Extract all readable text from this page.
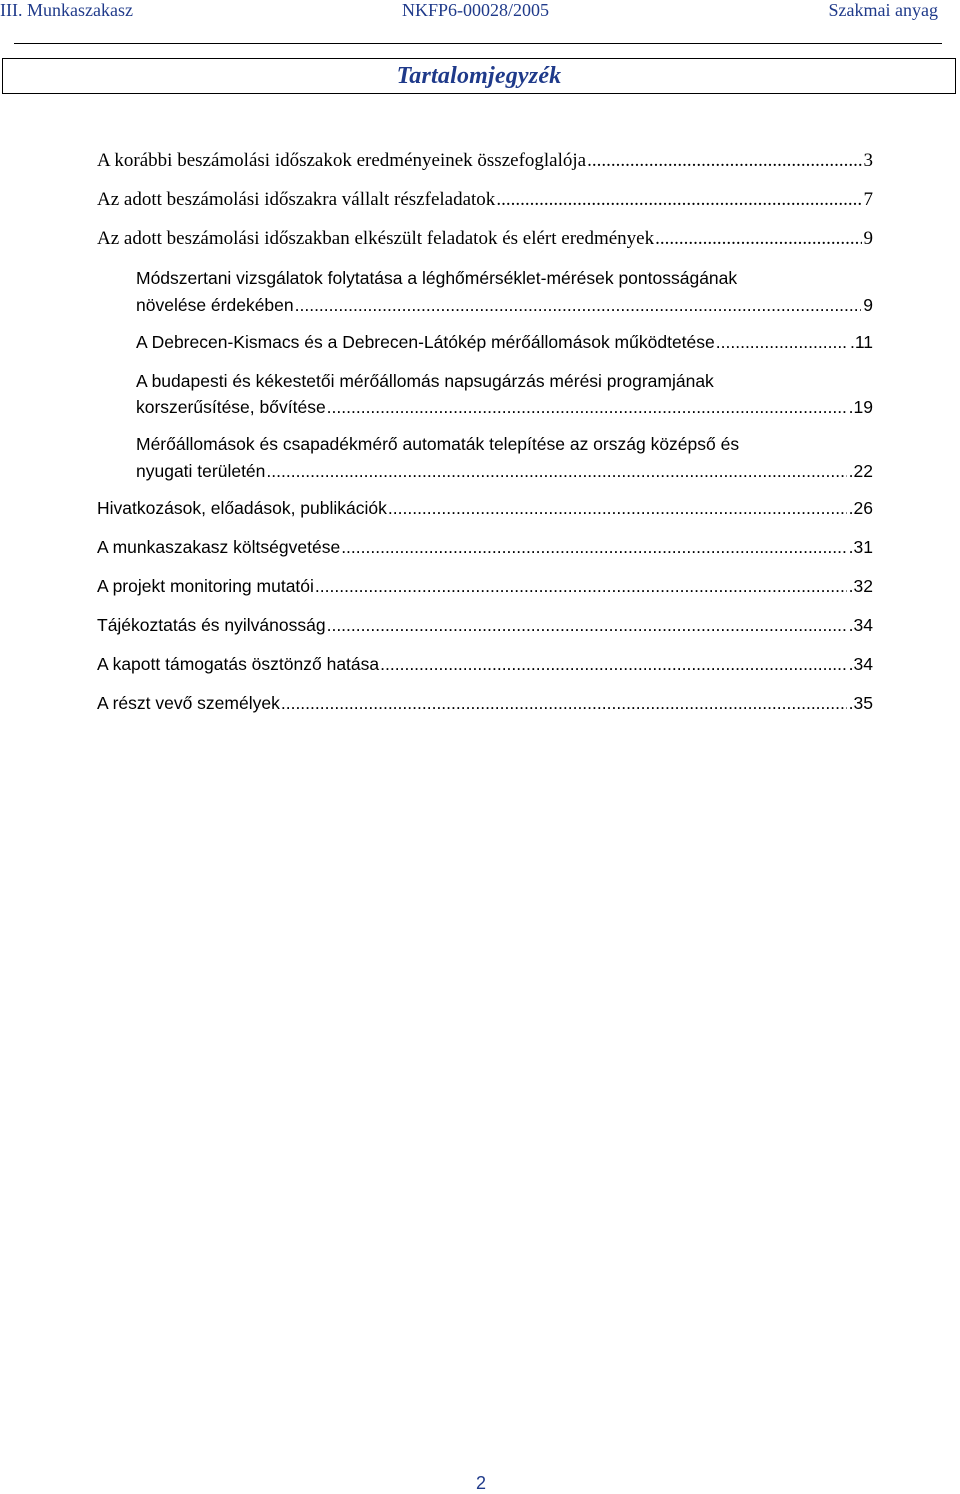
III. Munkaszakasz	NKFP6-00028/2005	Szakmai anyag
Tartalomjegyzék
A korábbi beszámolási időszakok eredményeinek összefoglalója .....	3
Az adott beszámolási időszakra vállalt részfeladatok .....	7
Az adott beszámolási időszakban elkészült feladatok és elért eredmények .....	9
Módszertani vizsgálatok folytatása a léghőmérséklet-mérések pontosságának
növelése érdekében .....	9
A Debrecen-Kismacs és a Debrecen-Látókép mérőállomások működtetése .....	.11
A budapesti és kékestetői mérőállomás napsugárzás mérési programjának
korszerűsítése, bővítése .....	.19
Mérőállomások és csapadékmérő automaták telepítése az ország középső és
nyugati területén .....	.22
Hivatkozások, előadások, publikációk .....	.26
A munkaszakasz költségvetése .....	.31
A projekt monitoring mutatói .....	.32
Tájékoztatás és nyilvánosság .....	.34
A kapott támogatás ösztönző hatása .....	.34
A részt vevő személyek .....	.35
2
